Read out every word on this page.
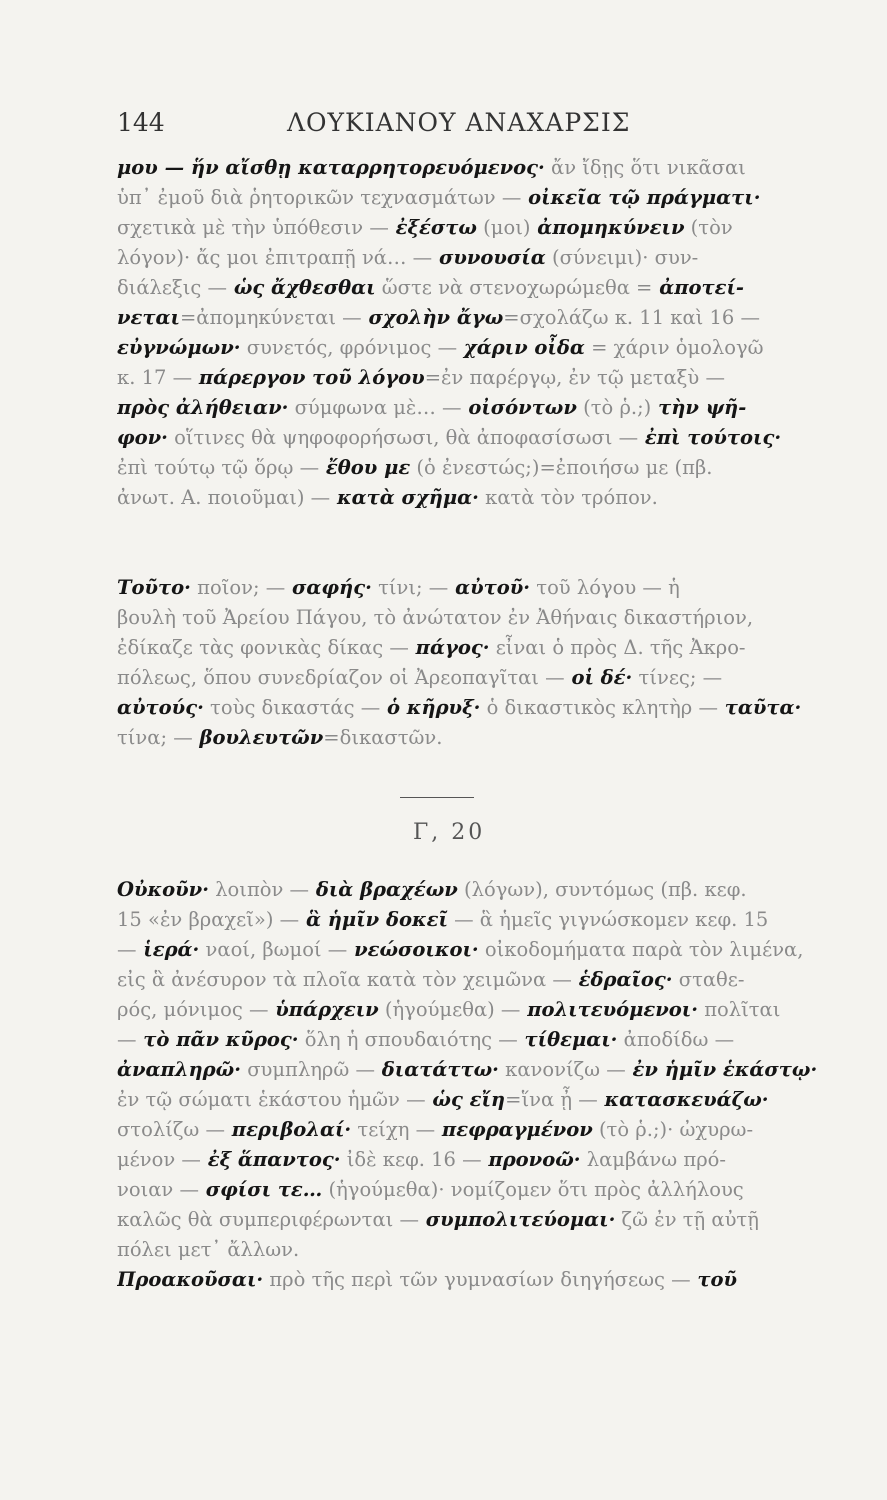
144	ΛΟΥΚΙΑΝΟΥ ΑΝΑΧΑΡΣΙΣ
μου — ἥν αἴσθῃ καταρρητορευόμενος· ἄν ἴδῃς ὅτι νικᾶσαι
ὑπ᾽ ἐμοῦ διὰ ῥητορικῶν τεχνασμάτων — οἰκεῖα τῷ πράγματι·
σχετικὰ μὲ τὴν ὑπόθεσιν — ἐξέστω (μοι) ἀπομηκύνειν (τὸν
λόγον)· ἄς μοι ἐπιτραπῇ νά… — συνουσία (σύνειμι)· συν-
διάλεξις — ὡς ἄχθεσθαι ὥστε νὰ στενοχωρώμεθα = ἀποτεί-
νεται=ἀπομηκύνεται — σχολὴν ἄγω=σχολάζω κ. 11 καὶ 16 —
εὐγνώμων· συνετός, φρόνιμος — χάριν οἶδα = χάριν ὁμολογῶ
κ. 17 — πάρεργον τοῦ λόγου=ἐν παρέργῳ, ἐν τῷ μεταξὺ —
πρὸς ἀλήθειαν· σύμφωνα μὲ… — οἰσόντων (τὸ ῥ.;) τὴν ψῆ-
φον· οἵτινες θὰ ψηφοφορήσωσι, θὰ ἀποφασίσωσι — ἐπὶ τούτοις·
ἐπὶ τούτῳ τῷ ὅρῳ — ἔθου με (ὁ ἐνεστώς;)=ἐποιήσω με (πβ.
ἀνωτ. Α. ποιοῦμαι) — κατὰ σχῆμα· κατὰ τὸν τρόπον.
Τοῦτο· ποῖον; — σαφής· τίνι; — αὐτοῦ· τοῦ λόγου — ἡ
βουλὴ τοῦ Ἀρείου Πάγου, τὸ ἀνώτατον ἐν Ἀθήναις δικαστήριον,
ἐδίκαζε τὰς φονικὰς δίκας — πάγος· εἶναι ὁ πρὸς Δ. τῆς Ἀκρο-
πόλεως, ὅπου συνεδρίαζον οἱ Ἀρεοπαγῖται — οἱ δέ· τίνες; —
αὐτούς· τοὺς δικαστάς — ὁ κῆρυξ· ὁ δικαστικὸς κλητὴρ — ταῦτα·
τίνα; — βουλευτῶν=δικαστῶν.
Γ, 20
Οὐκοῦν· λοιπὸν — διὰ βραχέων (λόγων), συντόμως (πβ. κεφ.
15 «ἐν βραχεῖ») — ἃ ἡμῖν δοκεῖ — ἃ ἡμεῖς γιγνώσκομεν κεφ. 15
— ἱερά· ναοί, βωμοί — νεώσοικοι· οἰκοδομήματα παρὰ τὸν λιμένα,
εἰς ἃ ἀνέσυρον τὰ πλοῖα κατὰ τὸν χειμῶνα — ἑδραῖος· σταθε-
ρός, μόνιμος — ὑπάρχειν (ἡγούμεθα) — πολιτευόμενοι· πολῖται
— τὸ πᾶν κῦρος· ὅλη ἡ σπουδαιότης — τίθεμαι· ἀποδίδω —
ἀναπληρῶ· συμπληρῶ — διατάττω· κανονίζω — ἐν ἡμῖν ἑκάστῳ·
ἐν τῷ σώματι ἑκάστου ἡμῶν — ὡς εἴη=ἵνα ᾖ — κατασκευάζω·
στολίζω — περιβολαί· τείχη — πεφραγμένον (τὸ ῥ.;)· ὠχυρω-
μένον — ἐξ ἅπαντος· ἰδὲ κεφ. 16 — προνοῶ· λαμβάνω πρό-
νοιαν — σφίσι τε… (ἡγούμεθα)· νομίζομεν ὅτι πρὸς ἀλλήλους
καλῶς θὰ συμπεριφέρωνται — συμπολιτεύομαι· ζῶ ἐν τῇ αὐτῇ
πόλει μετ᾽ ἄλλων.
Προακοῦσαι· πρὸ τῆς περὶ τῶν γυμνασίων διηγήσεως — τοῦ
